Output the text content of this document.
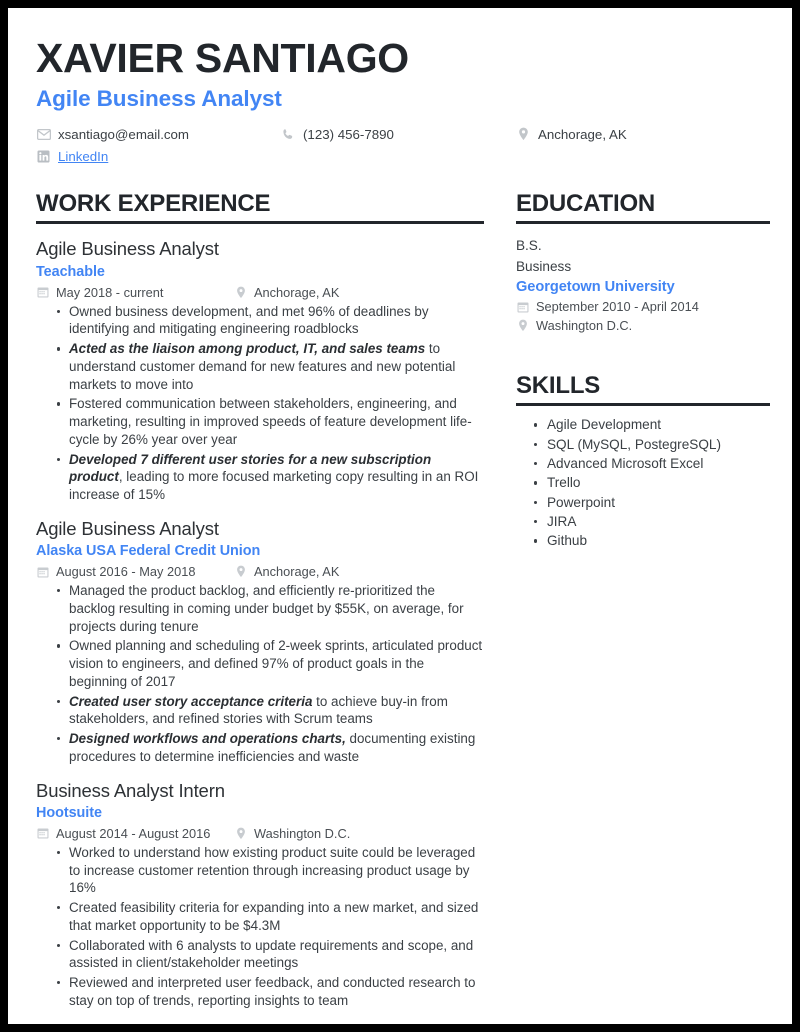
XAVIER SANTIAGO
Agile Business Analyst
xsantiago@email.com	(123) 456-7890	Anchorage, AK
LinkedIn
WORK EXPERIENCE
Agile Business Analyst
Teachable
May 2018 - current	Anchorage, AK
Owned business development, and met 96% of deadlines by identifying and mitigating engineering roadblocks
Acted as the liaison among product, IT, and sales teams to understand customer demand for new features and new potential markets to move into
Fostered communication between stakeholders, engineering, and marketing, resulting in improved speeds of feature development life-cycle by 26% year over year
Developed 7 different user stories for a new subscription product, leading to more focused marketing copy resulting in an ROI increase of 15%
Agile Business Analyst
Alaska USA Federal Credit Union
August 2016 - May 2018	Anchorage, AK
Managed the product backlog, and efficiently re-prioritized the backlog resulting in coming under budget by $55K, on average, for projects during tenure
Owned planning and scheduling of 2-week sprints, articulated product vision to engineers, and defined 97% of product goals in the beginning of 2017
Created user story acceptance criteria to achieve buy-in from stakeholders, and refined stories with Scrum teams
Designed workflows and operations charts, documenting existing procedures to determine inefficiencies and waste
Business Analyst Intern
Hootsuite
August 2014 - August 2016	Washington D.C.
Worked to understand how existing product suite could be leveraged to increase customer retention through increasing product usage by 16%
Created feasibility criteria for expanding into a new market, and sized that market opportunity to be $4.3M
Collaborated with 6 analysts to update requirements and scope, and assisted in client/stakeholder meetings
Reviewed and interpreted user feedback, and conducted research to stay on top of trends, reporting insights to team
EDUCATION
B.S.
Business
Georgetown University
September 2010 - April 2014
Washington D.C.
SKILLS
Agile Development
SQL (MySQL, PostegreSQL)
Advanced Microsoft Excel
Trello
Powerpoint
JIRA
Github
